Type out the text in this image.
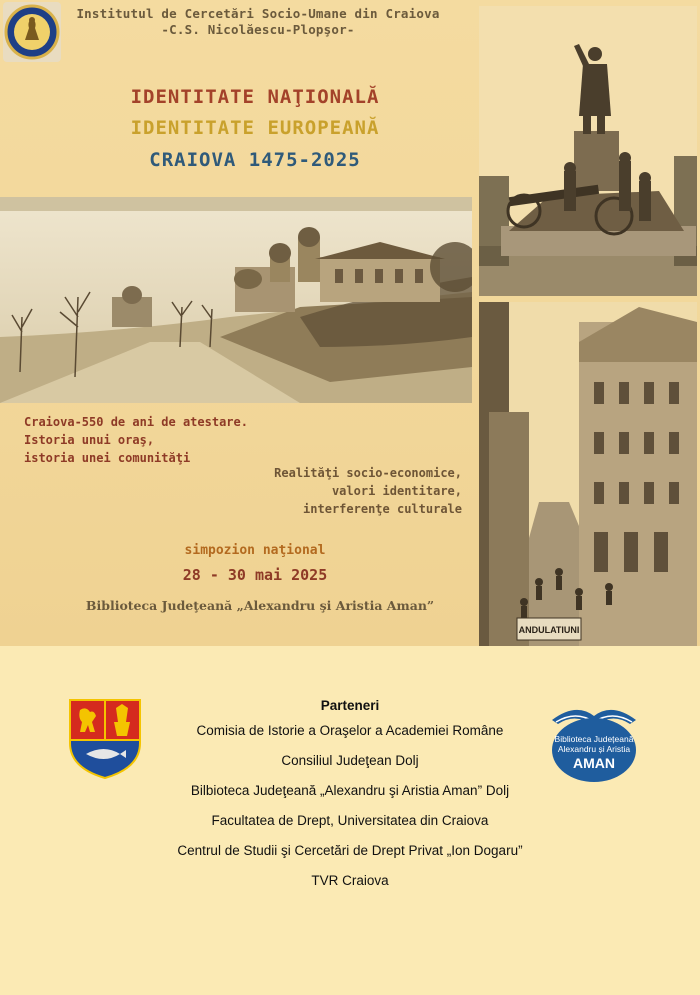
Institutul de Cercetări Socio-Umane din Craiova
-C.S. Nicolăescu-Plopşor-
IDENTITATE NAŢIONALĂ
IDENTITATE EUROPEANĂ
CRAIOVA 1475-2025
ANDULATIUNI
Craiova-550 de ani de atestare.
Istoria unui oraş,
istoria unei comunităţi
Realităţi socio-economice,
valori identitare,
interferenţe culturale
simpozion naţional
28 - 30 mai 2025
Biblioteca Judeţeană „Alexandru şi Aristia Aman”
Parteneri
Comisia de Istorie a Oraşelor a Academiei Române
Consiliul Judeţean Dolj
Bilbioteca Judeţeană „Alexandru şi Aristia Aman” Dolj
Facultatea de Drept, Universitatea din Craiova
Centrul de Studii şi Cercetări de Drept Privat „Ion Dogaru”
TVR Craiova
Biblioteca Județeană
Alexandru și Aristia
AMAN
